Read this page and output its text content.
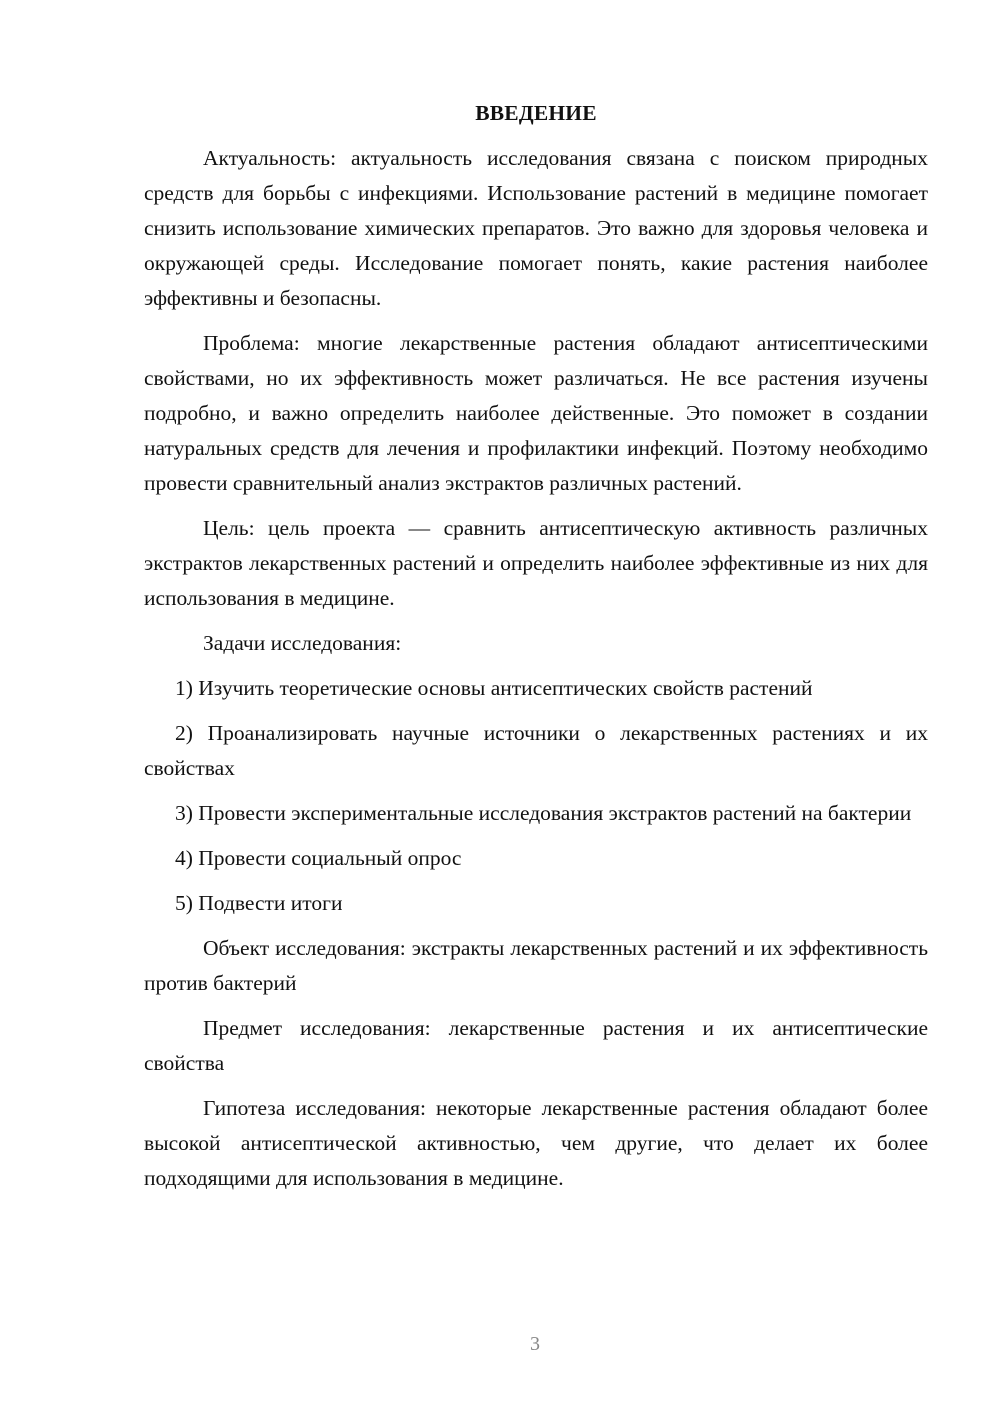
ВВЕДЕНИЕ

Актуальность: актуальность исследования связана с поиском природных средств для борьбы с инфекциями. Использование растений в медицине помогает снизить использование химических препаратов. Это важно для здоровья человека и окружающей среды. Исследование помогает понять, какие растения наиболее эффективны и безопасны.

Проблема: многие лекарственные растения обладают антисептическими свойствами, но их эффективность может различаться. Не все растения изучены подробно, и важно определить наиболее действенные. Это поможет в создании натуральных средств для лечения и профилактики инфекций. Поэтому необходимо провести сравнительный анализ экстрактов различных растений.

Цель: цель проекта — сравнить антисептическую активность различных экстрактов лекарственных растений и определить наиболее эффективные из них для использования в медицине.

Задачи исследования:

1) Изучить теоретические основы антисептических свойств растений

2) Проанализировать научные источники о лекарственных растениях и их свойствах

3) Провести экспериментальные исследования экстрактов растений на бактерии

4) Провести социальный опрос

5) Подвести итоги

Объект исследования: экстракты лекарственных растений и их эффективность против бактерий

Предмет исследования: лекарственные растения и их антисептические свойства

Гипотеза исследования: некоторые лекарственные растения обладают более высокой антисептической активностью, чем другие, что делает их более подходящими для использования в медицине.

3
